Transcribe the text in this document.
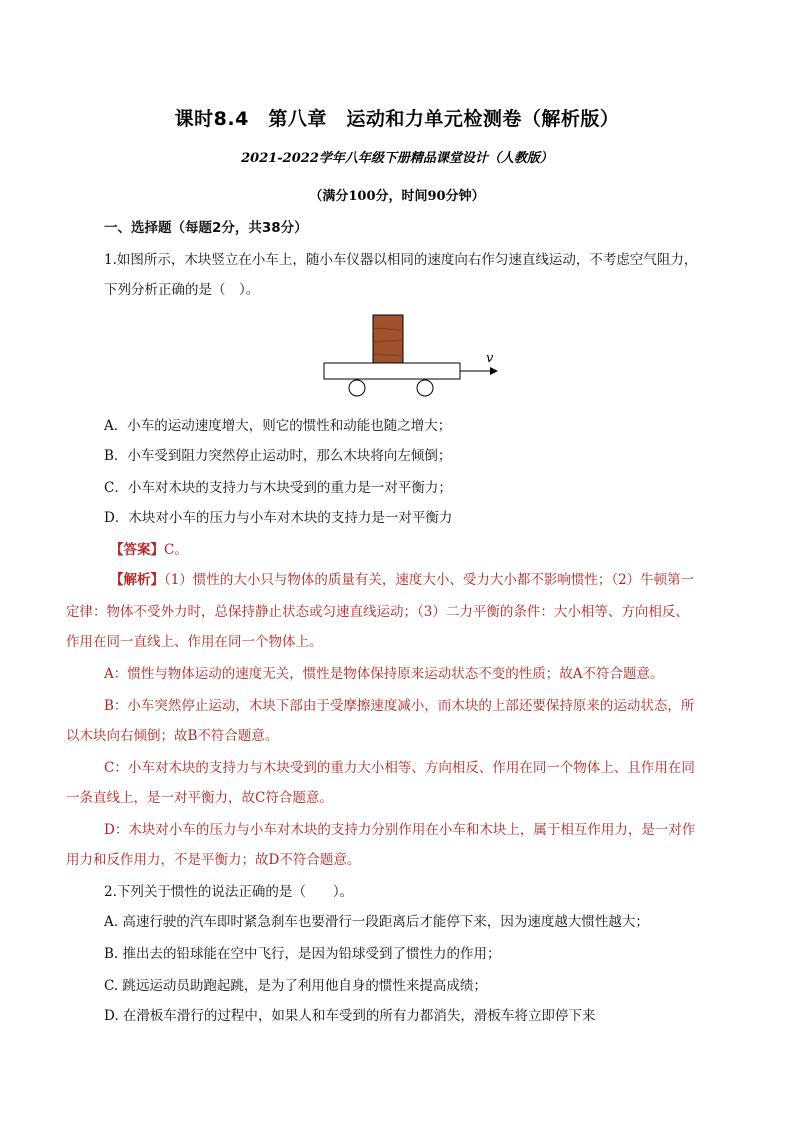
课时8.4　第八章　运动和力单元检测卷（解析版）
2021-2022学年八年级下册精品课堂设计（人教版）
（满分100分，时间90分钟）
一、选择题（每题2分，共38分）
1.如图所示，木块竖立在小车上，随小车仪器以相同的速度向右作匀速直线运动，不考虑空气阻力，
下列分析正确的是（　）。
v
A．小车的运动速度增大，则它的惯性和动能也随之增大；
B．小车受到阻力突然停止运动时，那么木块将向左倾倒；
C．小车对木块的支持力与木块受到的重力是一对平衡力；
D．木块对小车的压力与小车对木块的支持力是一对平衡力
【答案】C。
【解析】（1）惯性的大小只与物体的质量有关，速度大小、受力大小都不影响惯性；（2）牛顿第一
定律：物体不受外力时，总保持静止状态或匀速直线运动；（3）二力平衡的条件：大小相等、方向相反、
作用在同一直线上、作用在同一个物体上。
A：惯性与物体运动的速度无关，惯性是物体保持原来运动状态不变的性质；故A不符合题意。
B：小车突然停止运动，木块下部由于受摩擦速度减小，而木块的上部还要保持原来的运动状态，所
以木块向右倾倒；故B不符合题意。
C：小车对木块的支持力与木块受到的重力大小相等、方向相反、作用在同一个物体上、且作用在同
一条直线上，是一对平衡力，故C符合题意。
D：木块对小车的压力与小车对木块的支持力分别作用在小车和木块上，属于相互作用力，是一对作
用力和反作用力，不是平衡力；故D不符合题意。
2.下列关于惯性的说法正确的是（　　）。
A. 高速行驶的汽车即时紧急刹车也要滑行一段距离后才能停下来，因为速度越大惯性越大；
B. 推出去的铅球能在空中飞行，是因为铅球受到了惯性力的作用；
C. 跳远运动员助跑起跳，是为了利用他自身的惯性来提高成绩；
D. 在滑板车滑行的过程中，如果人和车受到的所有力都消失，滑板车将立即停下来
